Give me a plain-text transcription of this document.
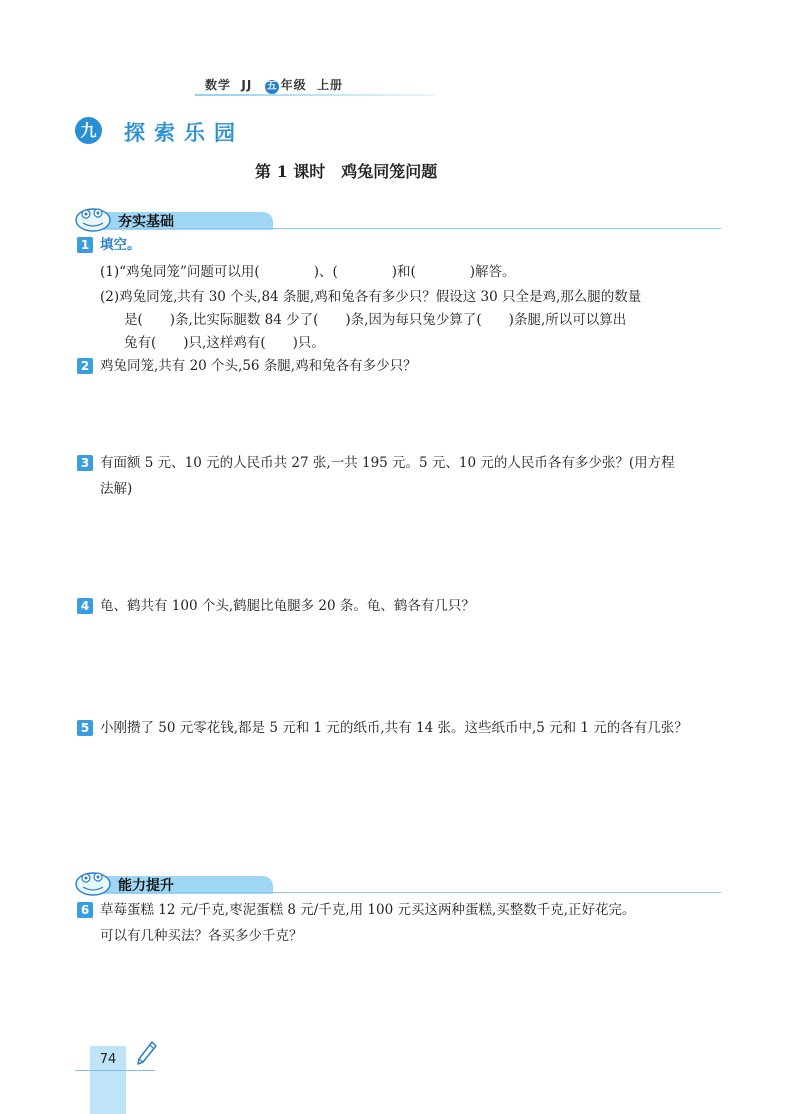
数学 JJ 五 年级 上册
九 探索乐园
第 1 课时　鸡兔同笼问题
夯实基础
1 填空。
(1)“鸡兔同笼”问题可以用(　　　　)、(　　　　)和(　　　　)解答。
(2)鸡兔同笼,共有 30 个头,84 条腿,鸡和兔各有多少只？假设这 30 只全是鸡,那么腿的数量
是(　　)条,比实际腿数 84 少了(　　)条,因为每只兔少算了(　　)条腿,所以可以算出
兔有(　　)只,这样鸡有(　　)只。
2 鸡兔同笼,共有 20 个头,56 条腿,鸡和兔各有多少只？
3 有面额 5 元、10 元的人民币共 27 张,一共 195 元。5 元、10 元的人民币各有多少张？(用方程
法解)
4 龟、鹤共有 100 个头,鹤腿比龟腿多 20 条。龟、鹤各有几只？
5 小刚攒了 50 元零花钱,都是 5 元和 1 元的纸币,共有 14 张。这些纸币中,5 元和 1 元的各有几张？
能力提升
6 草莓蛋糕 12 元/千克,枣泥蛋糕 8 元/千克,用 100 元买这两种蛋糕,买整数千克,正好花完。
可以有几种买法？各买多少千克？
74
